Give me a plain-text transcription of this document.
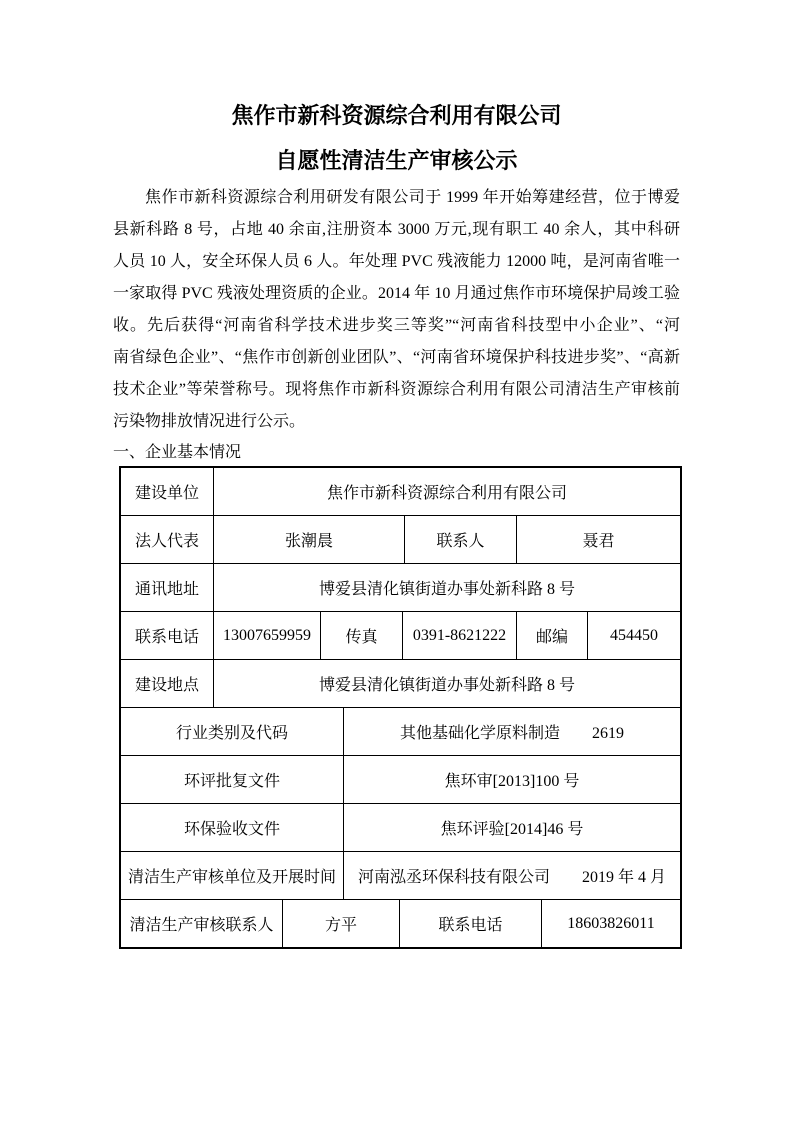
焦作市新科资源综合利用有限公司
自愿性清洁生产审核公示
焦作市新科资源综合利用研发有限公司于 1999 年开始筹建经营，位于博爱
县新科路 8 号，占地 40 余亩,注册资本 3000 万元,现有职工 40 余人，其中科研
人员 10 人，安全环保人员 6 人。年处理 PVC 残液能力 12000 吨，是河南省唯一
一家取得 PVC 残液处理资质的企业。2014 年 10 月通过焦作市环境保护局竣工验
收。先后获得“河南省科学技术进步奖三等奖”“河南省科技型中小企业”、“河
南省绿色企业”、“焦作市创新创业团队”、“河南省环境保护科技进步奖”、“高新
技术企业”等荣誉称号。现将焦作市新科资源综合利用有限公司清洁生产审核前
污染物排放情况进行公示。
一、企业基本情况
建设单位	焦作市新科资源综合利用有限公司
法人代表	张潮晨	联系人	聂君
通讯地址	博爱县清化镇街道办事处新科路 8 号
联系电话	13007659959	传真	0391-8621222	邮编	454450
建设地点	博爱县清化镇街道办事处新科路 8 号
行业类别及代码	其他基础化学原料制造　　2619
环评批复文件	焦环审[2013]100 号
环保验收文件	焦环评验[2014]46 号
清洁生产审核单位及开展时间	河南泓丞环保科技有限公司　　2019 年 4 月
清洁生产审核联系人	方平	联系电话	18603826011
